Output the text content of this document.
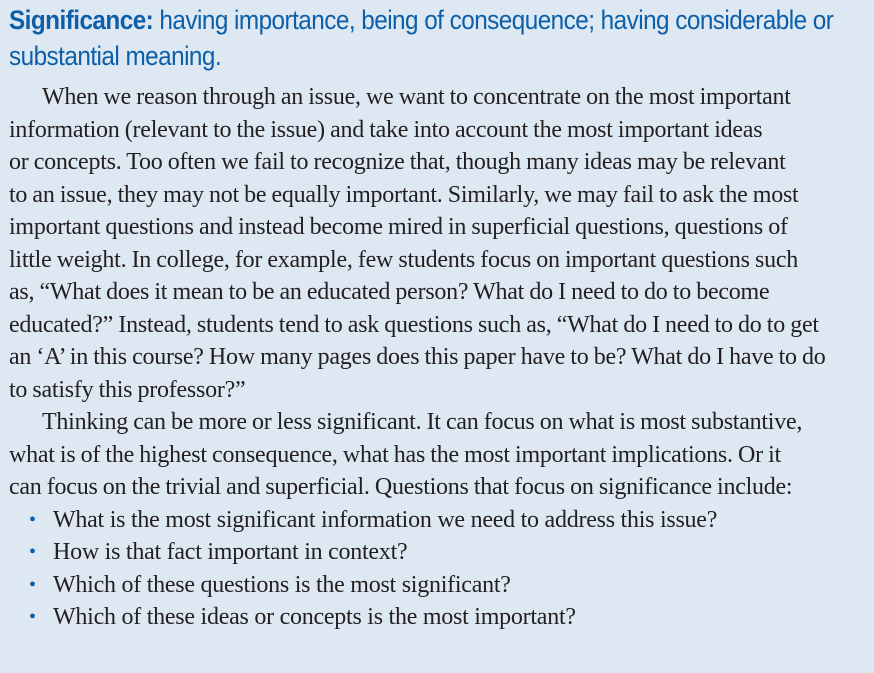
Significance: having importance, being of consequence; having considerable or
substantial meaning.

When we reason through an issue, we want to concentrate on the most important
information (relevant to the issue) and take into account the most important ideas
or concepts. Too often we fail to recognize that, though many ideas may be relevant
to an issue, they may not be equally important. Similarly, we may fail to ask the most
important questions and instead become mired in superficial questions, questions of
little weight. In college, for example, few students focus on important questions such
as, “What does it mean to be an educated person? What do I need to do to become
educated?” Instead, students tend to ask questions such as, “What do I need to do to get
an ‘A’ in this course? How many pages does this paper have to be? What do I have to do
to satisfy this professor?”

Thinking can be more or less significant. It can focus on what is most substantive,
what is of the highest consequence, what has the most important implications. Or it
can focus on the trivial and superficial. Questions that focus on significance include:

• What is the most significant information we need to address this issue?
• How is that fact important in context?
• Which of these questions is the most significant?
• Which of these ideas or concepts is the most important?
